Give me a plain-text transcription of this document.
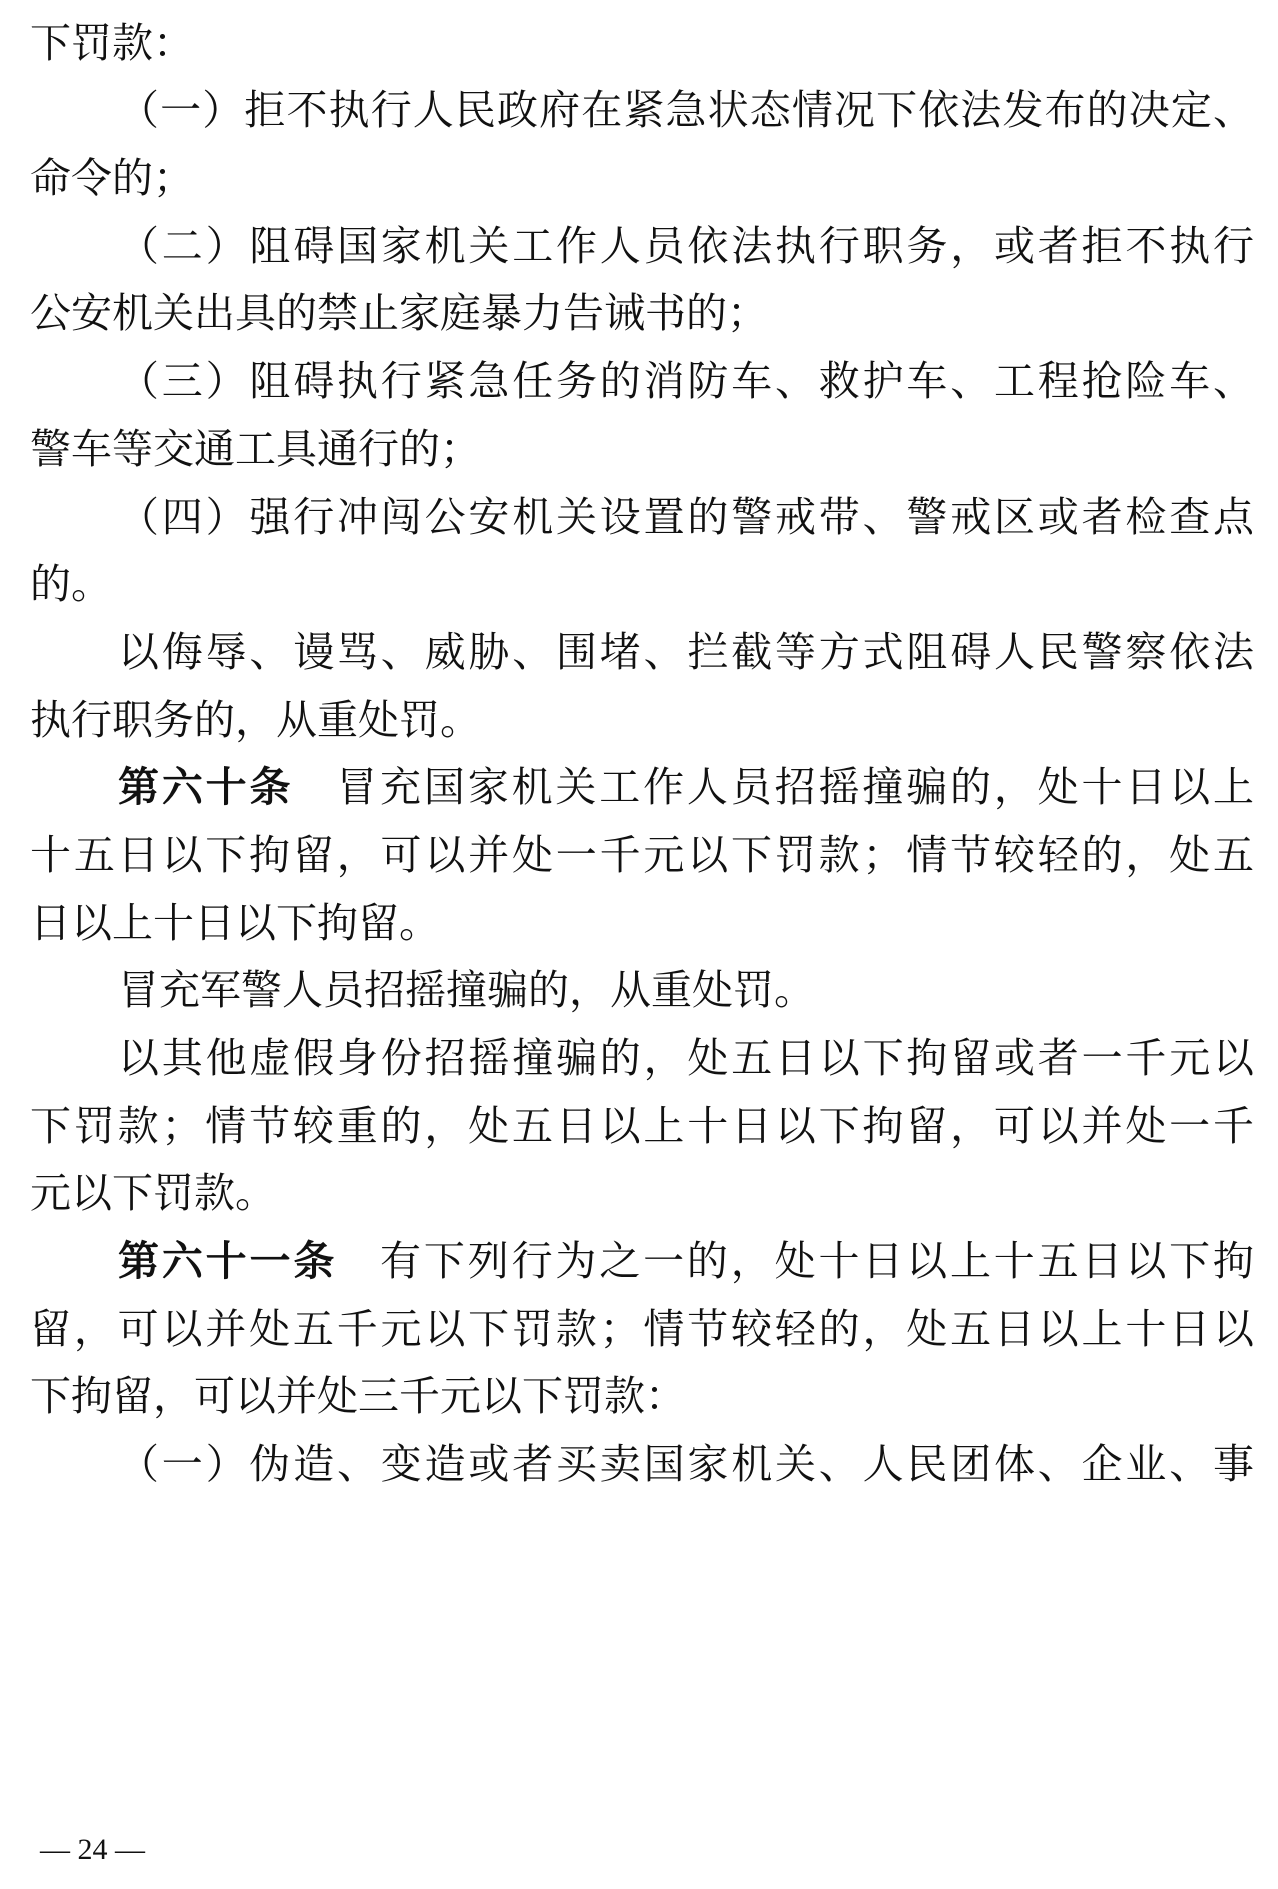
下罚款：
（一）拒不执行人民政府在紧急状态情况下依法发布的决定、
命令的；
（二）阻碍国家机关工作人员依法执行职务，或者拒不执行
公安机关出具的禁止家庭暴力告诫书的；
（三）阻碍执行紧急任务的消防车、救护车、工程抢险车、
警车等交通工具通行的；
（四）强行冲闯公安机关设置的警戒带、警戒区或者检查点
的。
以侮辱、谩骂、威胁、围堵、拦截等方式阻碍人民警察依法
执行职务的，从重处罚。
第六十条 冒充国家机关工作人员招摇撞骗的，处十日以上
十五日以下拘留，可以并处一千元以下罚款；情节较轻的，处五
日以上十日以下拘留。
冒充军警人员招摇撞骗的，从重处罚。
以其他虚假身份招摇撞骗的，处五日以下拘留或者一千元以
下罚款；情节较重的，处五日以上十日以下拘留，可以并处一千
元以下罚款。
第六十一条 有下列行为之一的，处十日以上十五日以下拘
留，可以并处五千元以下罚款；情节较轻的，处五日以上十日以
下拘留，可以并处三千元以下罚款：
（一）伪造、变造或者买卖国家机关、人民团体、企业、事
— 24 —
